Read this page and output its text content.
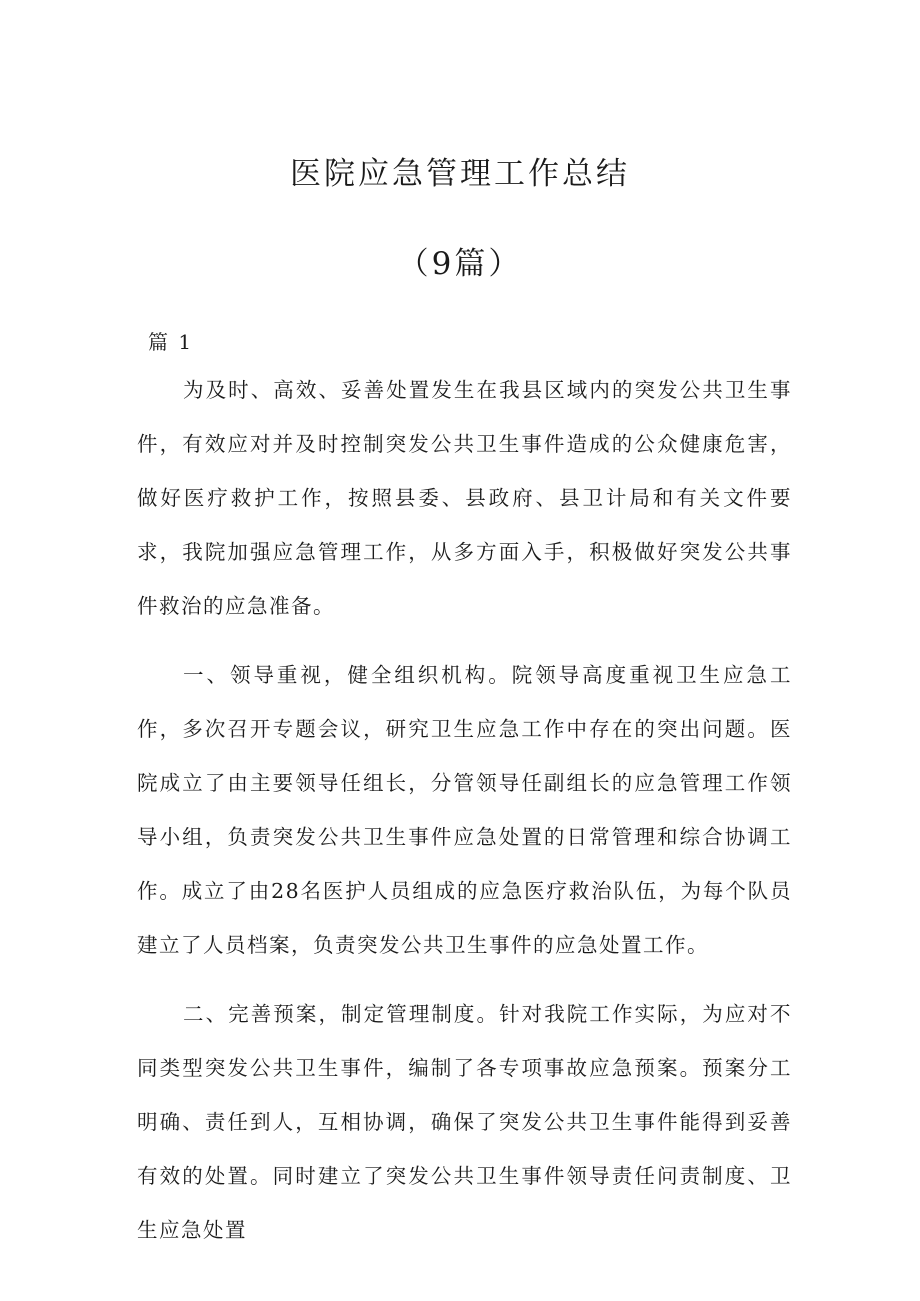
医院应急管理工作总结
（9篇）

篇 1

为及时、高效、妥善处置发生在我县区域内的突发公共卫生事件，有效应对并及时控制突发公共卫生事件造成的公众健康危害，做好医疗救护工作，按照县委、县政府、县卫计局和有关文件要求，我院加强应急管理工作，从多方面入手，积极做好突发公共事件救治的应急准备。

一、领导重视，健全组织机构。院领导高度重视卫生应急工作，多次召开专题会议，研究卫生应急工作中存在的突出问题。医院成立了由主要领导任组长，分管领导任副组长的应急管理工作领导小组，负责突发公共卫生事件应急处置的日常管理和综合协调工作。成立了由28名医护人员组成的应急医疗救治队伍，为每个队员建立了人员档案，负责突发公共卫生事件的应急处置工作。

二、完善预案，制定管理制度。针对我院工作实际，为应对不同类型突发公共卫生事件，编制了各专项事故应急预案。预案分工明确、责任到人，互相协调，确保了突发公共卫生事件能得到妥善有效的处置。同时建立了突发公共卫生事件领导责任问责制度、卫生应急处置
